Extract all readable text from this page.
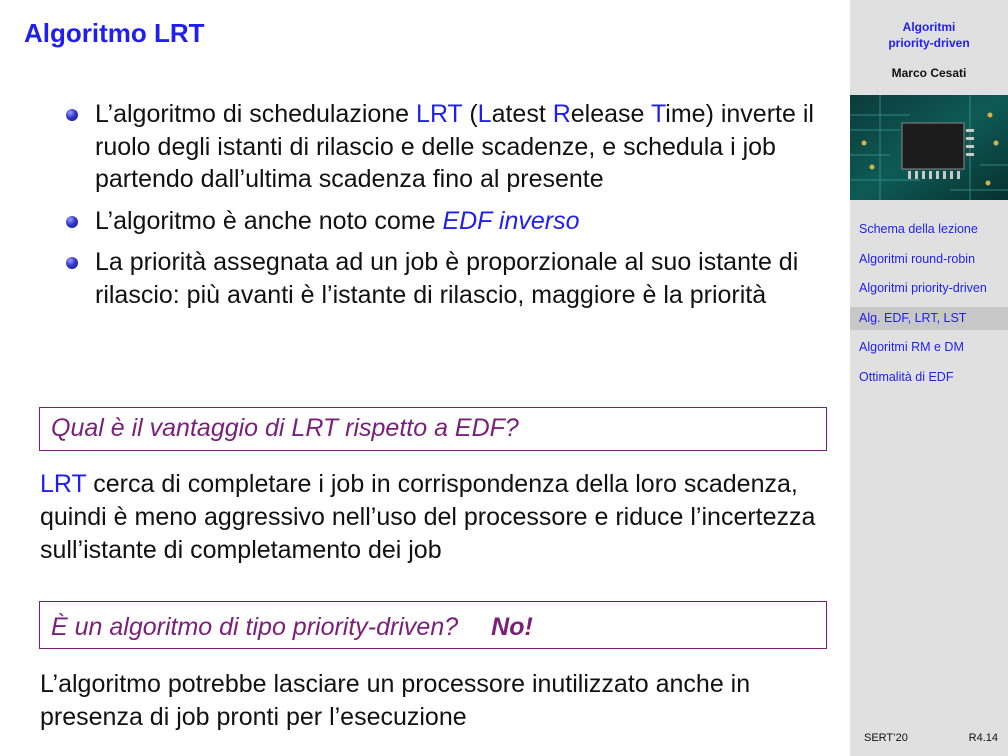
Algoritmo LRT
L’algoritmo di schedulazione LRT (Latest Release Time) inverte il ruolo degli istanti di rilascio e delle scadenze, e schedula i job partendo dall’ultima scadenza fino al presente
L’algoritmo è anche noto come EDF inverso
La priorità assegnata ad un job è proporzionale al suo istante di rilascio: più avanti è l’istante di rilascio, maggiore è la priorità
Qual è il vantaggio di LRT rispetto a EDF?
LRT cerca di completare i job in corrispondenza della loro scadenza, quindi è meno aggressivo nell’uso del processore e riduce l’incertezza sull’istante di completamento dei job
È un algoritmo di tipo priority-driven? No!
L’algoritmo potrebbe lasciare un processore inutilizzato anche in presenza di job pronti per l’esecuzione
Algoritmi
priority-driven
Marco Cesati
Schema della lezione
Algoritmi round-robin
Algoritmi priority-driven
Alg. EDF, LRT, LST
Algoritmi RM e DM
Ottimalità di EDF
SERT’20	R4.14
